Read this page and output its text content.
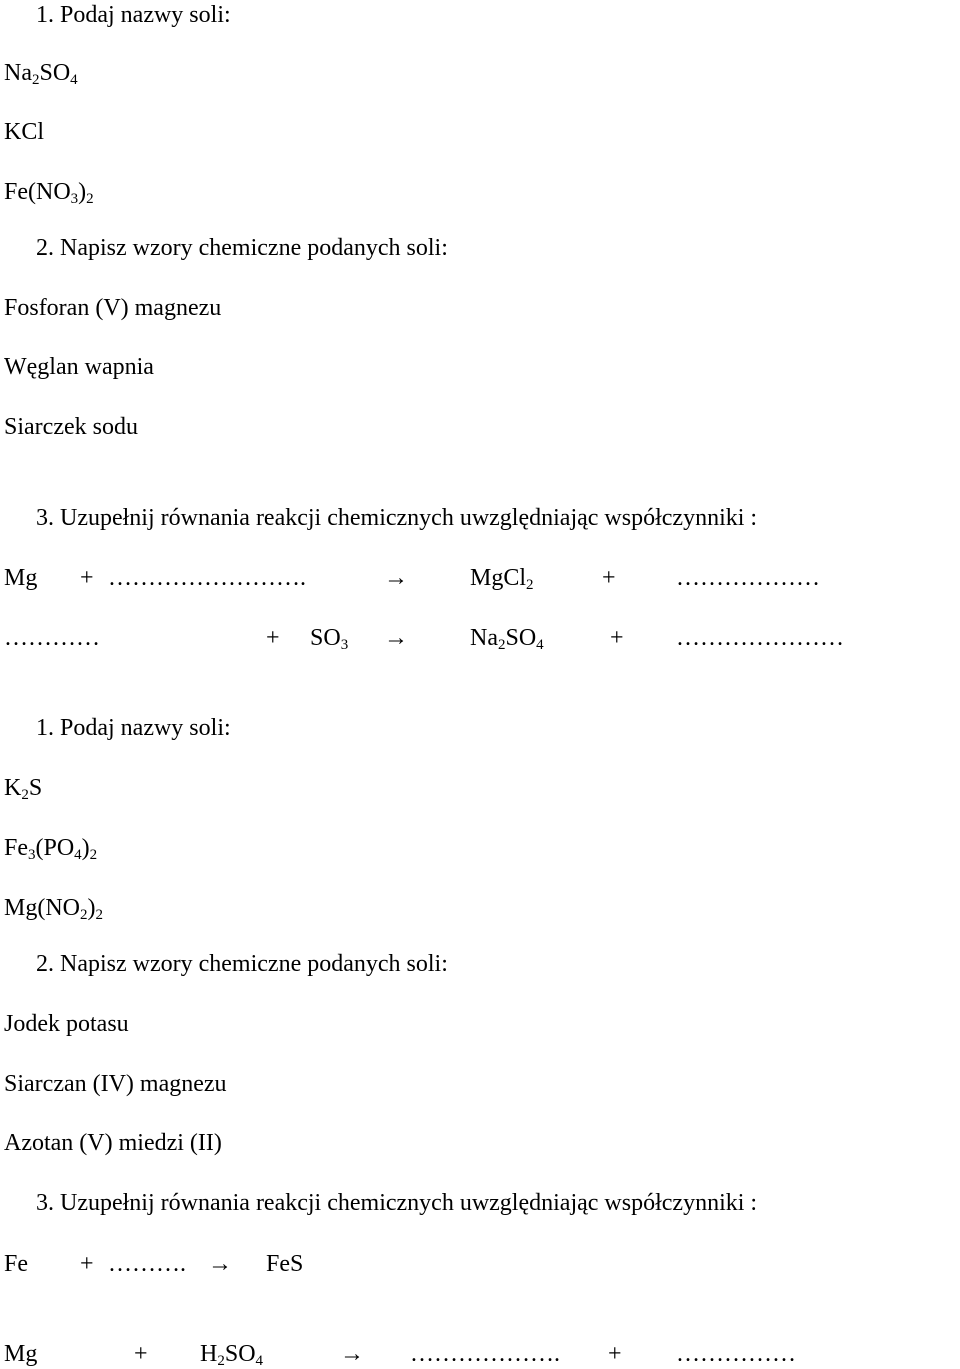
1. Podaj nazwy soli:
$Na_2SO_4$
KCl
$Fe(NO_3)_2$
2. Napisz wzory chemiczne podanych soli:
Fosforan (V) magnezu
Węglan wapnia
Siarczek sodu
3. Uzupełnij równania reakcji chemicznych uwzględniając współczynniki :
Mg + …………………….	→	MgCl$_2$	+	………………
…………	+ $SO_3$ →	$Na_2SO_4$	+ …………………
1. Podaj nazwy soli:
$K_2S$
$Fe_3(PO_4)_2$
$Mg(NO_2)_2$
2. Napisz wzory chemiczne podanych soli:
Jodek potasu
Siarczan (IV) magnezu
Azotan (V) miedzi (II)
3. Uzupełnij równania reakcji chemicznych uwzględniając współczynniki :
Fe + ………. → FeS
Mg	+ $H_2SO_4$	→ ………………. + ……………
